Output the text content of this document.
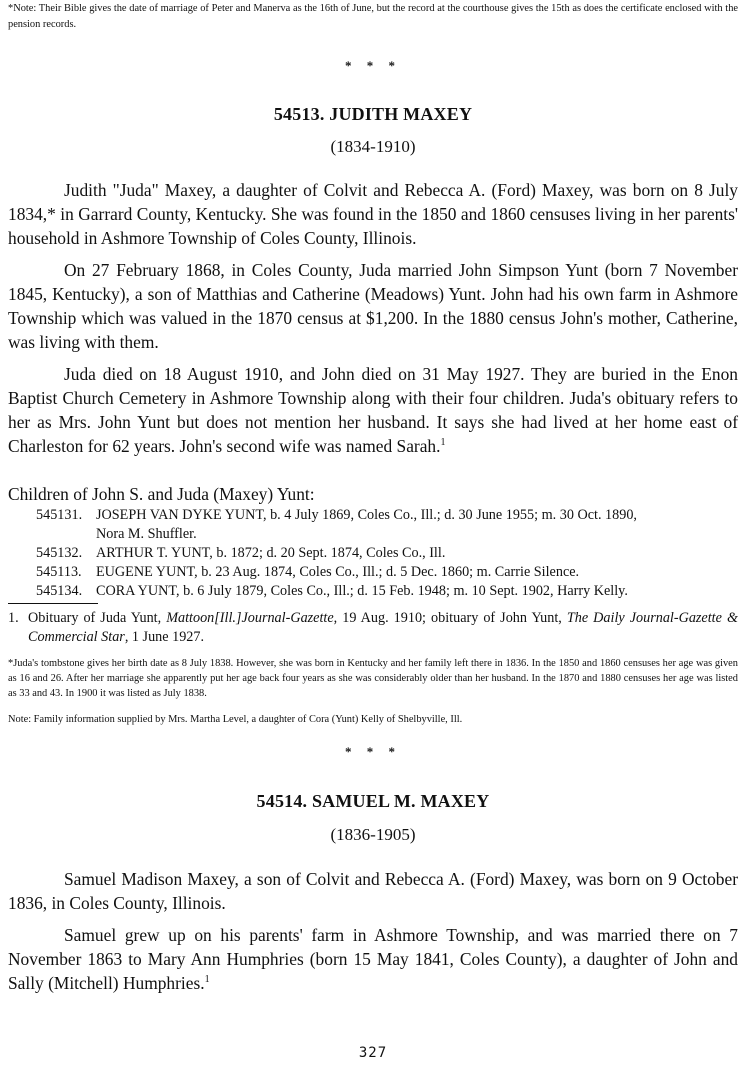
*Note: Their Bible gives the date of marriage of Peter and Manerva as the 16th of June, but the record at the courthouse gives the 15th as does the certificate enclosed with the pension records.
* * *
54513. JUDITH MAXEY
(1834-1910)

Judith "Juda" Maxey, a daughter of Colvit and Rebecca A. (Ford) Maxey, was born on 8 July 1834,* in Garrard County, Kentucky. She was found in the 1850 and 1860 censuses living in her parents' household in Ashmore Township of Coles County, Illinois.

On 27 February 1868, in Coles County, Juda married John Simpson Yunt (born 7 November 1845, Kentucky), a son of Matthias and Catherine (Meadows) Yunt. John had his own farm in Ashmore Township which was valued in the 1870 census at $1,200. In the 1880 census John's mother, Catherine, was living with them.

Juda died on 18 August 1910, and John died on 31 May 1927. They are buried in the Enon Baptist Church Cemetery in Ashmore Township along with their four children. Juda's obituary refers to her as Mrs. John Yunt but does not mention her husband. It says she had lived at her home east of Charleston for 62 years. John's second wife was named Sarah.$^1$

Children of John S. and Juda (Maxey) Yunt:
545131. JOSEPH VAN DYKE YUNT, b. 4 July 1869, Coles Co., Ill.; d. 30 June 1955; m. 30 Oct. 1890,
Nora M. Shuffler.
545132. ARTHUR T. YUNT, b. 1872; d. 20 Sept. 1874, Coles Co., Ill.
545113.	EUGENE YUNT, b. 23 Aug. 1874, Coles Co., Ill.; d. 5 Dec. 1860; m. Carrie Silence.
545134. CORA YUNT, b. 6 July 1879, Coles Co., Ill.; d. 15 Feb. 1948; m. 10 Sept. 1902, Harry Kelly.
1. Obituary of Juda Yunt, Mattoon[Ill.]Journal-Gazette, 19 Aug. 1910; obituary of John Yunt, The Daily Journal-Gazette & Commercial Star, 1 June 1927.
*Juda's tombstone gives her birth date as 8 July 1838. However, she was born in Kentucky and her family left there in 1836. In the 1850 and 1860 censuses her age was given as 16 and 26. After her marriage she apparently put her age back four years as she was considerably older than her husband. In the 1870 and 1880 censuses her age was listed as 33 and 43. In 1900 it was listed as July 1838.
Note: Family information supplied by Mrs. Martha Level, a daughter of Cora (Yunt) Kelly of Shelbyville, Ill.
* * *
54514. SAMUEL M. MAXEY
(1836-1905)

Samuel Madison Maxey, a son of Colvit and Rebecca A. (Ford) Maxey, was born on 9 October 1836, in Coles County, Illinois.

Samuel grew up on his parents' farm in Ashmore Township, and was married there on 7 November 1863 to Mary Ann Humphries (born 15 May 1841, Coles County), a daughter of John and Sally (Mitchell) Humphries.$^1$

327
